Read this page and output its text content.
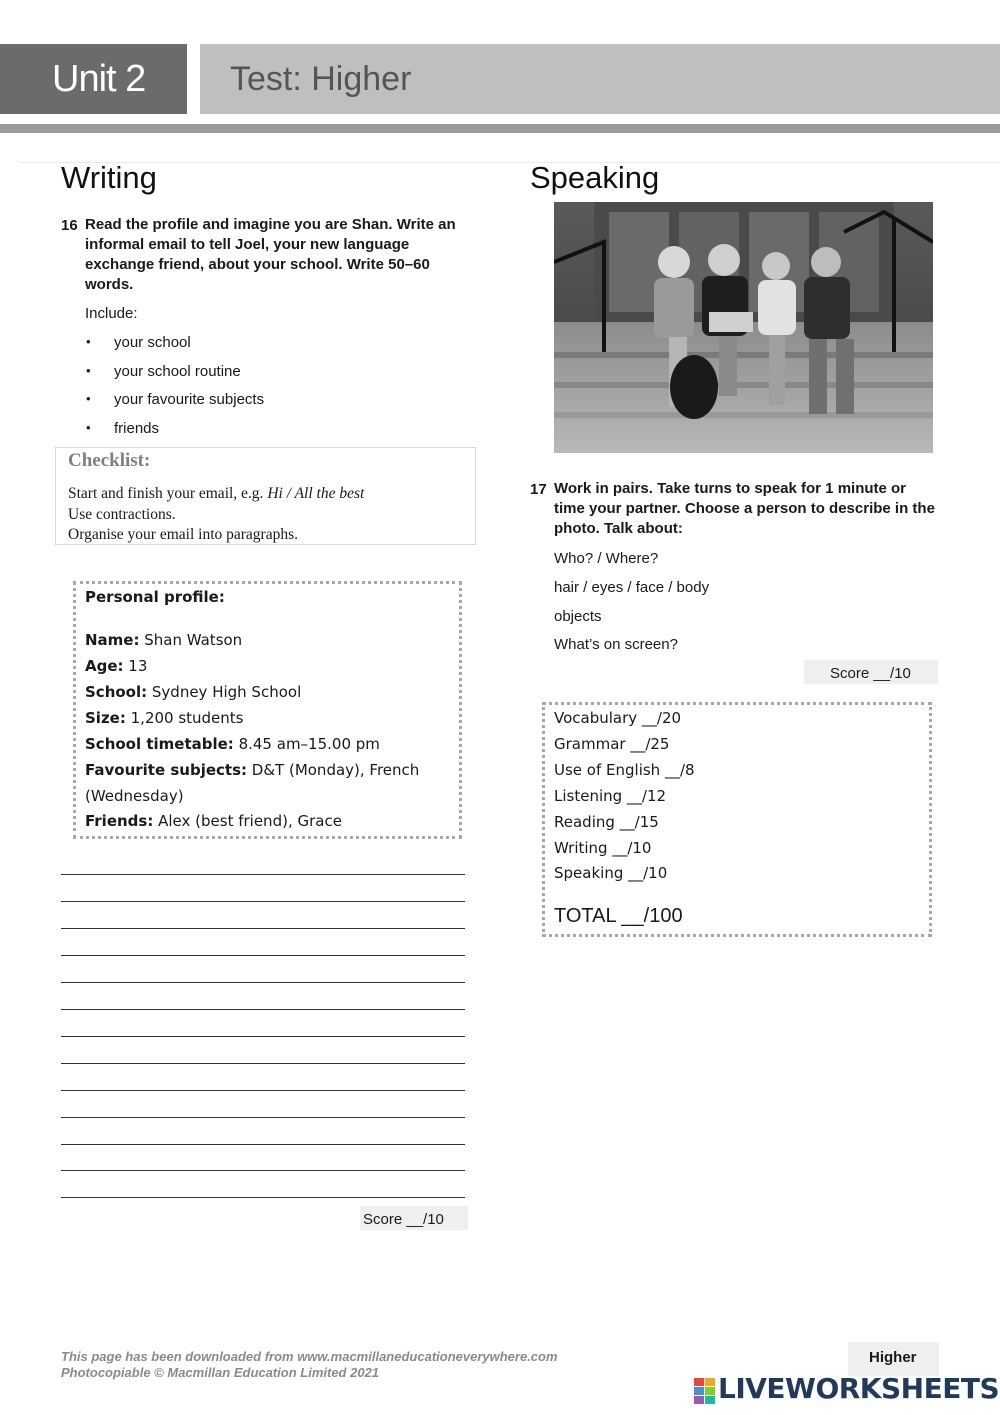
Unit 2 Test: Higher
Writing
16 Read the profile and imagine you are Shan. Write an
informal email to tell Joel, your new language
exchange friend, about your school. Write 50–60
words.
Include:
• your school
• your school routine
• your favourite subjects
• friends
Checklist:
Start and finish your email, e.g. Hi / All the best
Use contractions.
Organise your email into paragraphs.
Personal profile:
Name: Shan Watson
Age: 13
School: Sydney High School
Size: 1,200 students
School timetable: 8.45 am–15.00 pm
Favourite subjects: D&T (Monday), French
(Wednesday)
Friends: Alex (best friend), Grace
Score __/10
Speaking
17 Work in pairs. Take turns to speak for 1 minute or
time your partner. Choose a person to describe in the
photo. Talk about:
Who? / Where?
hair / eyes / face / body
objects
What’s on screen?
Score __/10
Vocabulary __/20
Grammar __/25
Use of English __/8
Listening __/12
Reading __/15
Writing __/10
Speaking __/10
TOTAL __/100
This page has been downloaded from www.macmillaneducationeverywhere.com
Photocopiable © Macmillan Education Limited 2021
Higher
LIVEWORKSHEETS
